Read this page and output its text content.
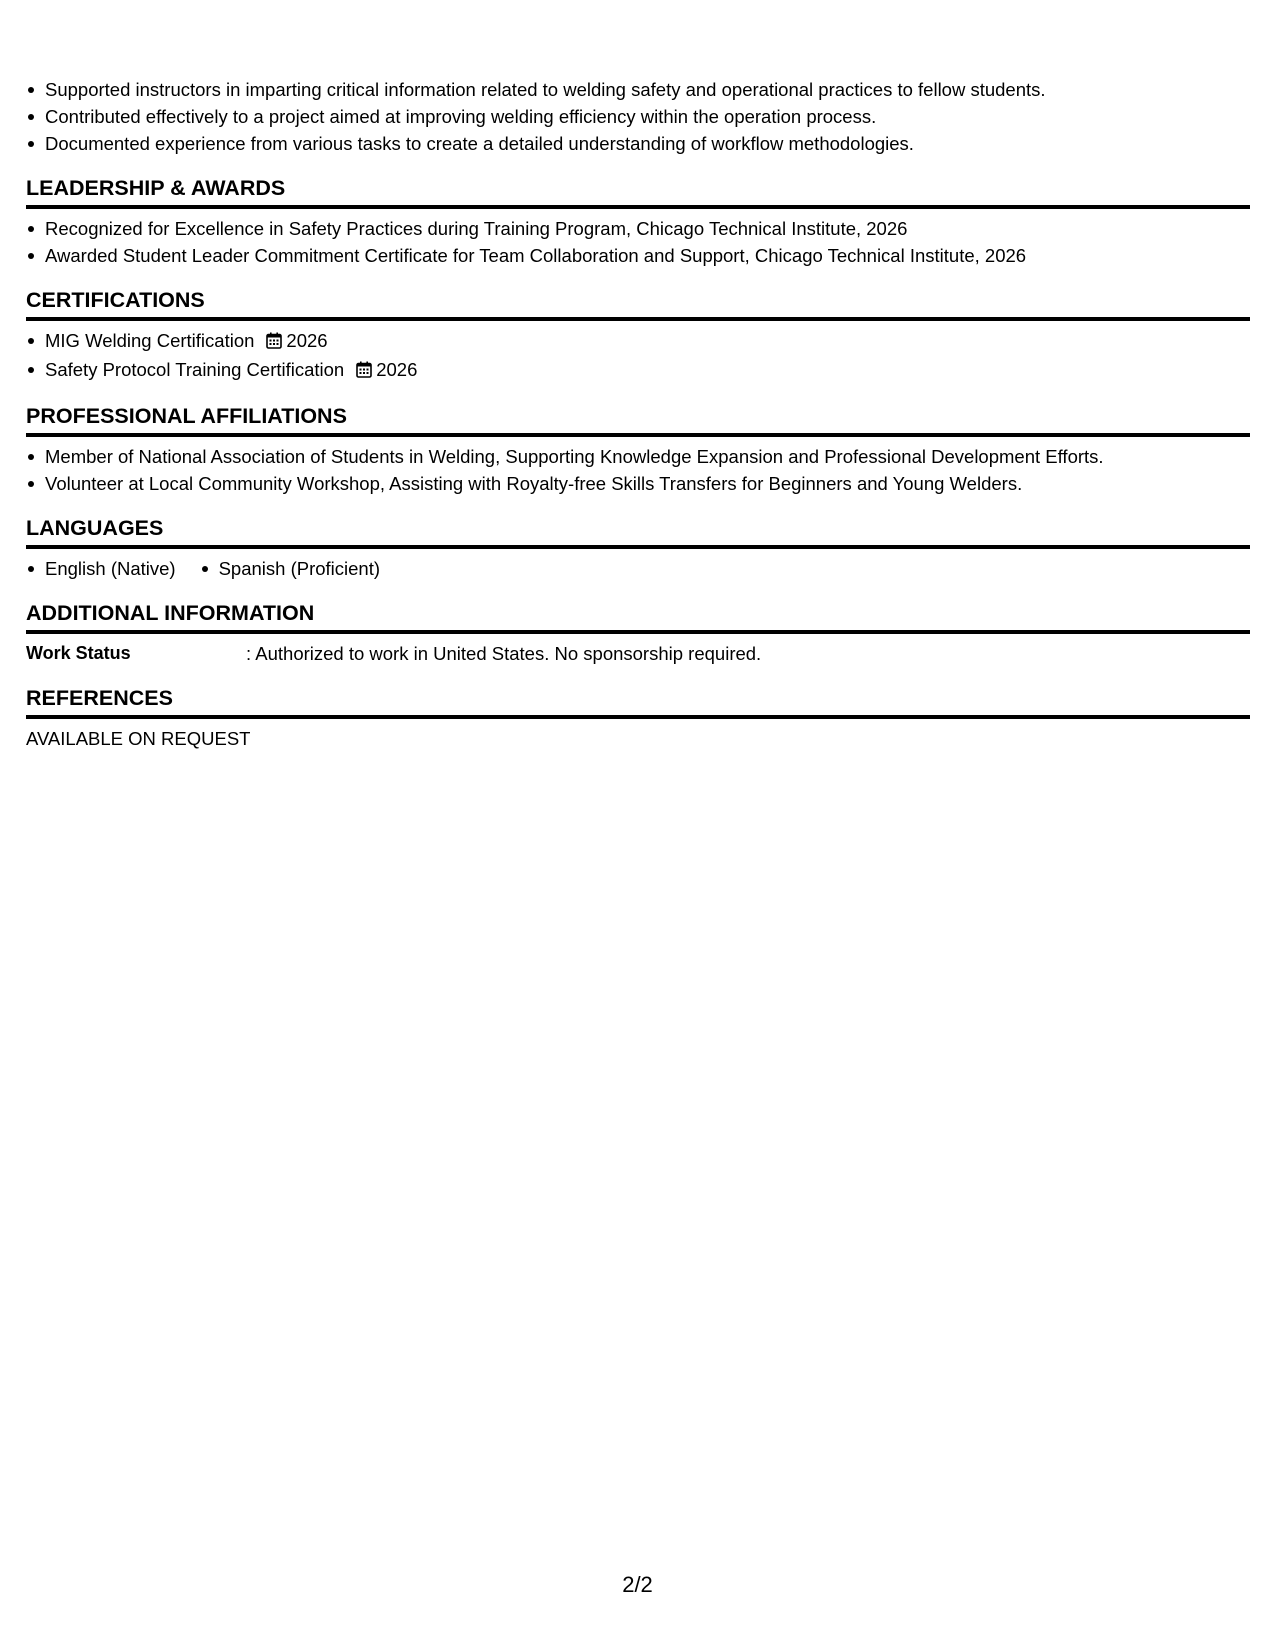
Supported instructors in imparting critical information related to welding safety and operational practices to fellow students.
Contributed effectively to a project aimed at improving welding efficiency within the operation process.
Documented experience from various tasks to create a detailed understanding of workflow methodologies.
LEADERSHIP & AWARDS
Recognized for Excellence in Safety Practices during Training Program, Chicago Technical Institute, 2026
Awarded Student Leader Commitment Certificate for Team Collaboration and Support, Chicago Technical Institute, 2026
CERTIFICATIONS
MIG Welding Certification 2026
Safety Protocol Training Certification 2026
PROFESSIONAL AFFILIATIONS
Member of National Association of Students in Welding, Supporting Knowledge Expansion and Professional Development Efforts.
Volunteer at Local Community Workshop, Assisting with Royalty-free Skills Transfers for Beginners and Young Welders.
LANGUAGES
English (Native)	Spanish (Proficient)
ADDITIONAL INFORMATION
Work Status	: Authorized to work in United States. No sponsorship required.
REFERENCES
AVAILABLE ON REQUEST
2/2
